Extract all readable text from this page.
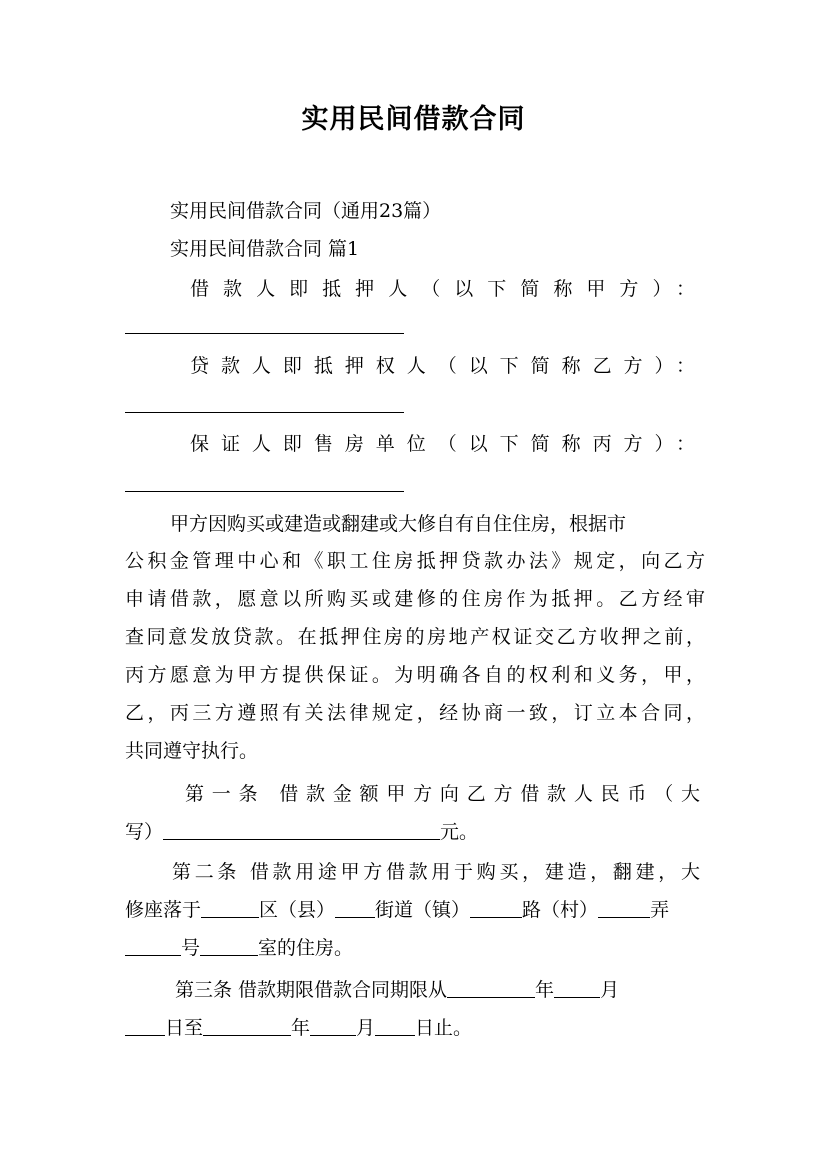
实用民间借款合同
实用民间借款合同（通用23篇）
实用民间借款合同 篇1
借款人即抵押人（以下简称甲方）：
贷款人即抵押权人（以下简称乙方）：
保证人即售房单位（以下简称丙方）：
甲方因购买或建造或翻建或大修自有自住住房，根据市
公积金管理中心和《职工住房抵押贷款办法》规定，向乙方
申请借款，愿意以所购买或建修的住房作为抵押。乙方经审
查同意发放贷款。在抵押住房的房地产权证交乙方收押之前，
丙方愿意为甲方提供保证。为明确各自的权利和义务，甲，
乙，丙三方遵照有关法律规定，经协商一致，订立本合同，
共同遵守执行。
第一条 借款金额甲方向乙方借款人民币（大
写）	元。
第二条 借款用途甲方借款用于购买，建造，翻建，大
修座落于	区（县） 街道（镇）	路（村）	弄
号	室的住房。
第三条 借款期限借款合同期限从	年 月
日至	年 月 日止。
